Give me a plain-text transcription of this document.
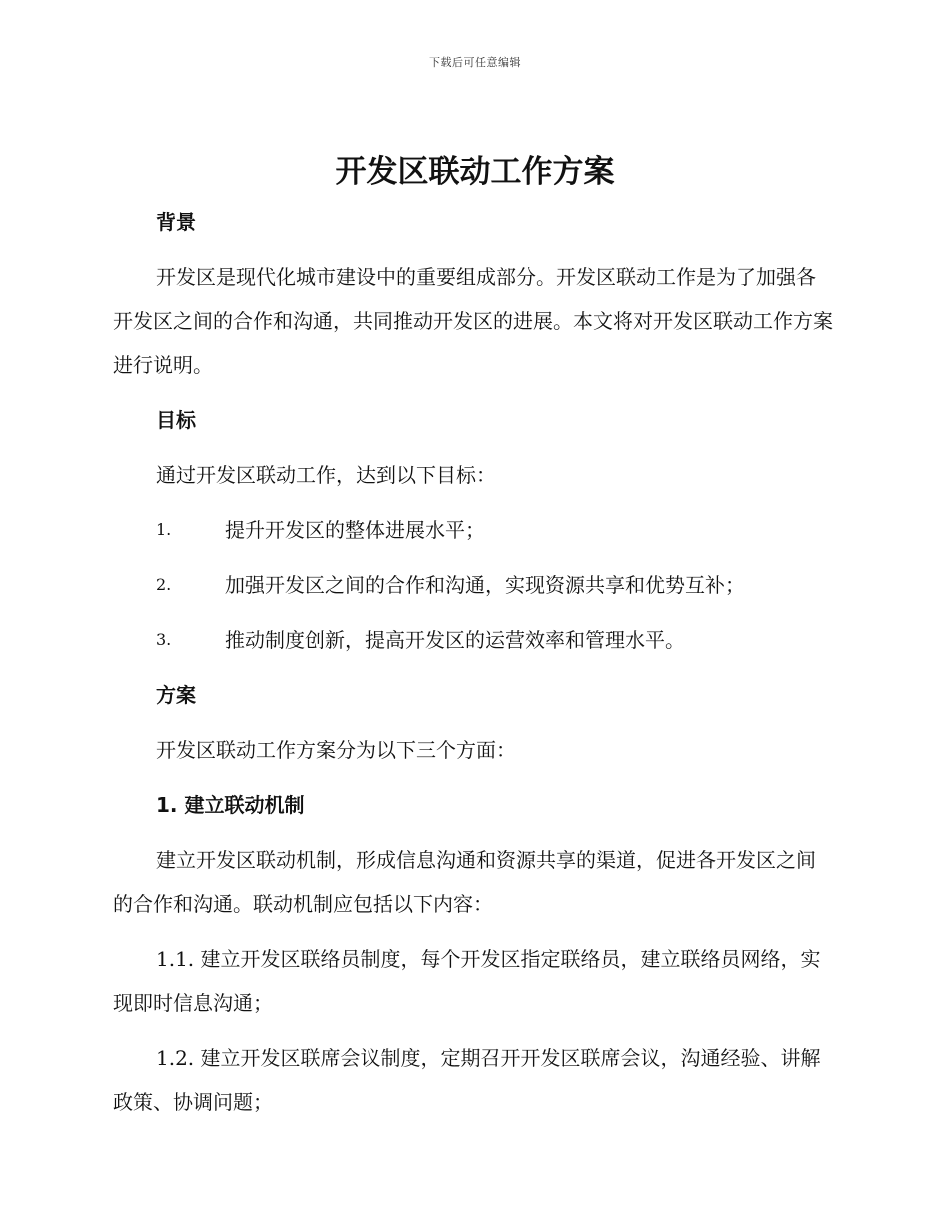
下载后可任意编辑
开发区联动工作方案
背景

开发区是现代化城市建设中的重要组成部分。开发区联动工作是为了加强各开发区之间的合作和沟通，共同推动开发区的进展。本文将对开发区联动工作方案进行说明。

目标

通过开发区联动工作，达到以下目标：

1.	提升开发区的整体进展水平；
2.	加强开发区之间的合作和沟通，实现资源共享和优势互补；
3.	推动制度创新，提高开发区的运营效率和管理水平。
方案

开发区联动工作方案分为以下三个方面：

1. 建立联动机制

建立开发区联动机制，形成信息沟通和资源共享的渠道，促进各开发区之间的合作和沟通。联动机制应包括以下内容：

1.1. 建立开发区联络员制度，每个开发区指定联络员，建立联络员网络，实现即时信息沟通；

1.2. 建立开发区联席会议制度，定期召开开发区联席会议，沟通经验、讲解政策、协调问题；
